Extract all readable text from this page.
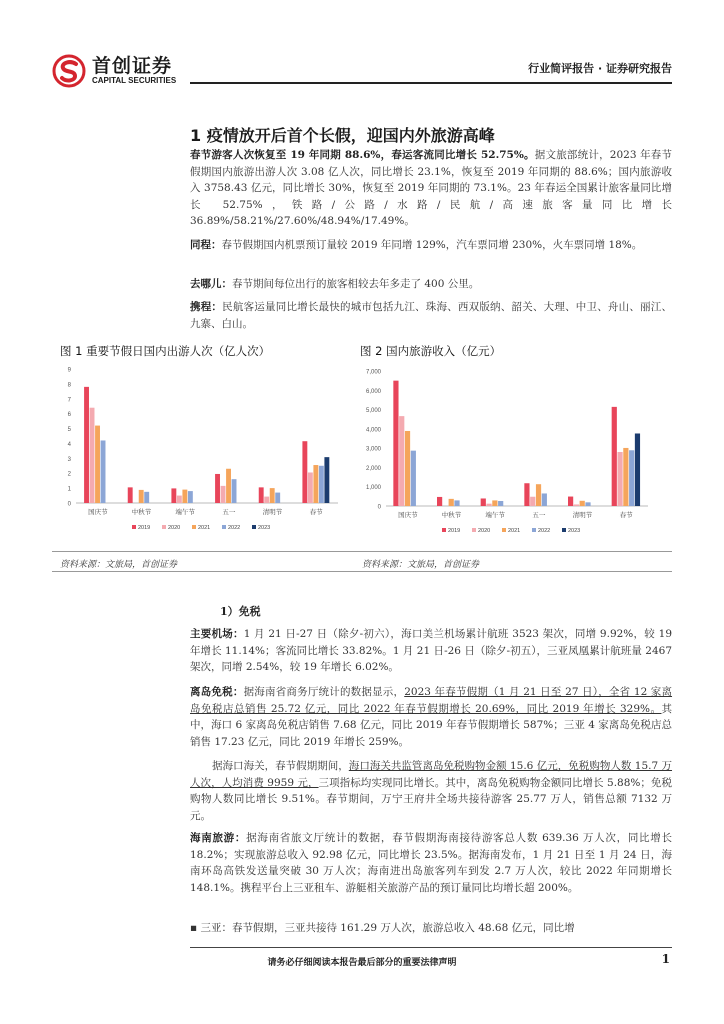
首创证券
CAPITAL SECURITIES
行业简评报告 · 证券研究报告
1 疫情放开后首个长假，迎国内外旅游高峰
春节游客人次恢复至 19 年同期 88.6%，春运客流同比增长 52.75%。据文旅部统计，2023 年春节假期国内旅游出游人次 3.08 亿人次，同比增长 23.1%，恢复至 2019 年同期的 88.6%；国内旅游收入 3758.43 亿元，同比增长 30%，恢复至 2019 年同期的 73.1%。23 年春运全国累计旅客量同比增长 52.75%，铁路/公路/水路/民航/高速旅客量同比增长 36.89%/58.21%/27.60%/48.94%/17.49%。
同程：春节假期国内机票预订量较 2019 年同增 129%，汽车票同增 230%，火车票同增 18%。
去哪儿：春节期间每位出行的旅客相较去年多走了 400 公里。
携程：民航客运量同比增长最快的城市包括九江、珠海、西双版纳、韶关、大理、中卫、舟山、丽江、九寨、白山。
图 1 重要节假日国内出游人次（亿人次）	图 2 国内旅游收入（亿元）
0
1
2
3
4
5
6
7
8
9
国庆节	中秋节	端午节	五一	清明节	春节
2019	2020	2021	2022	2023
0
1,000
2,000
3,000
4,000
5,000
6,000
7,000
国庆节	中秋节	端午节	五一	清明节	春节
2019	2020	2021	2022	2023
资料来源：文旅局，首创证券	资料来源：文旅局，首创证券
1）免税
主要机场：1 月 21 日-27 日（除夕-初六），海口美兰机场累计航班 3523 架次，同增 9.92%，较 19 年增长 11.14%；客流同比增长 33.82%。1 月 21 日-26 日（除夕-初五），三亚凤凰累计航班量 2467 架次，同增 2.54%，较 19 年增长 6.02%。
离岛免税：据海南省商务厅统计的数据显示，2023 年春节假期（1 月 21 日至 27 日），全省 12 家离岛免税店总销售 25.72 亿元，同比 2022 年春节假期增长 20.69%，同比 2019 年增长 329%。其中，海口 6 家离岛免税店销售 7.68 亿元，同比 2019 年春节假期增长 587%；三亚 4 家离岛免税店总销售 17.23 亿元，同比 2019 年增长 259%。
据海口海关，春节假期期间，海口海关共监管离岛免税购物金额 15.6 亿元，免税购物人数 15.7 万人次，人均消费 9959 元，三项指标均实现同比增长。其中，离岛免税购物金额同比增长 5.88%；免税购物人数同比增长 9.51%。春节期间，万宁王府井全场共接待游客 25.77 万人，销售总额 7132 万元。
海南旅游：据海南省旅文厅统计的数据，春节假期海南接待游客总人数 639.36 万人次，同比增长 18.2%；实现旅游总收入 92.98 亿元，同比增长 23.5%。据海南发布，1 月 21 日至 1 月 24 日，海南环岛高铁发送量突破 30 万人次；海南进出岛旅客列车到发 2.7 万人次，较比 2022 年同期增长 148.1%。携程平台上三亚租车、游艇相关旅游产品的预订量同比均增长超 200%。
▪ 三亚：春节假期，三亚共接待 161.29 万人次，旅游总收入 48.68 亿元，同比增
请务必仔细阅读本报告最后部分的重要法律声明	1
